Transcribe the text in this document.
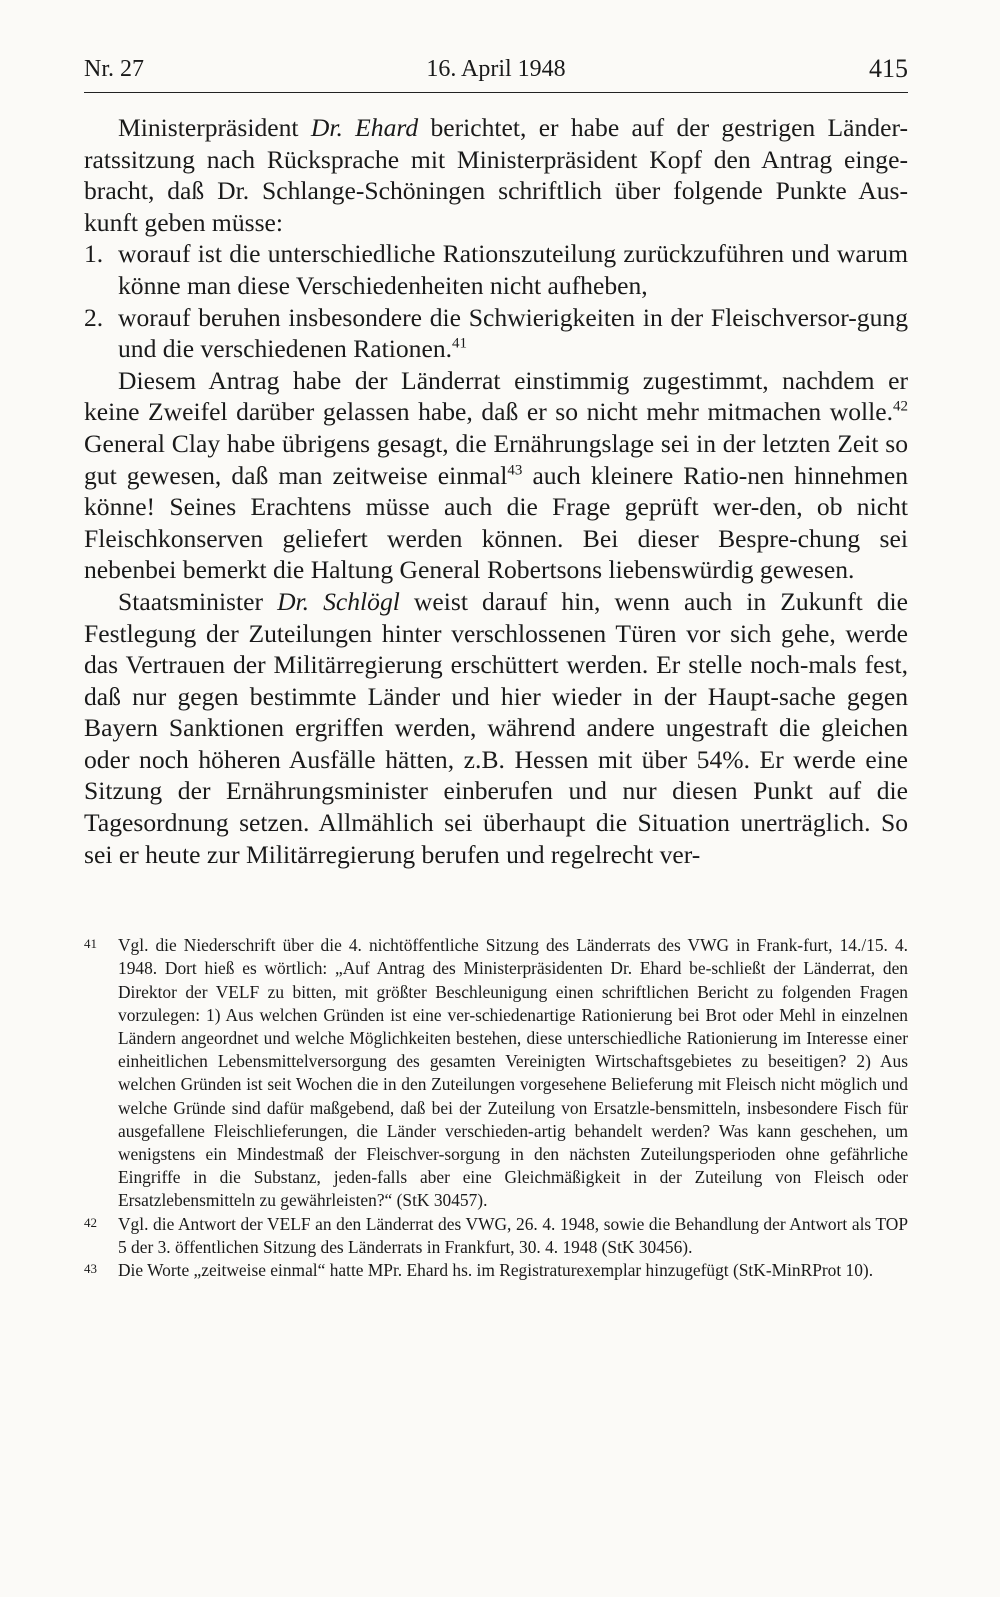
Nr. 27	16. April 1948	415

Ministerpräsident Dr. Ehard berichtet, er habe auf der gestrigen Länder-ratssitzung nach Rücksprache mit Ministerpräsident Kopf den Antrag einge-bracht, daß Dr. Schlange-Schöningen schriftlich über folgende Punkte Aus-kunft geben müsse:

1. worauf ist die unterschiedliche Rationszuteilung zurückzuführen und warum könne man diese Verschiedenheiten nicht aufheben,

2. worauf beruhen insbesondere die Schwierigkeiten in der Fleischversor-gung und die verschiedenen Rationen.$^{41}$

Diesem Antrag habe der Länderrat einstimmig zugestimmt, nachdem er keine Zweifel darüber gelassen habe, daß er so nicht mehr mitmachen wolle.$^{42}$ General Clay habe übrigens gesagt, die Ernährungslage sei in der letzten Zeit so gut gewesen, daß man zeitweise einmal$^{43}$ auch kleinere Ratio-nen hinnehmen könne! Seines Erachtens müsse auch die Frage geprüft wer-den, ob nicht Fleischkonserven geliefert werden können. Bei dieser Bespre-chung sei nebenbei bemerkt die Haltung General Robertsons liebenswürdig gewesen.

Staatsminister Dr. Schlögl weist darauf hin, wenn auch in Zukunft die Festlegung der Zuteilungen hinter verschlossenen Türen vor sich gehe, werde das Vertrauen der Militärregierung erschüttert werden. Er stelle noch-mals fest, daß nur gegen bestimmte Länder und hier wieder in der Haupt-sache gegen Bayern Sanktionen ergriffen werden, während andere ungestraft die gleichen oder noch höheren Ausfälle hätten, z.B. Hessen mit über 54%. Er werde eine Sitzung der Ernährungsminister einberufen und nur diesen Punkt auf die Tagesordnung setzen. Allmählich sei überhaupt die Situation unerträglich. So sei er heute zur Militärregierung berufen und regelrecht ver-

41 Vgl. die Niederschrift über die 4. nichtöffentliche Sitzung des Länderrats des VWG in Frank-furt, 14./15. 4. 1948. Dort hieß es wörtlich: „Auf Antrag des Ministerpräsidenten Dr. Ehard be-schließt der Länderrat, den Direktor der VELF zu bitten, mit größter Beschleunigung einen schriftlichen Bericht zu folgenden Fragen vorzulegen: 1) Aus welchen Gründen ist eine ver-schiedenartige Rationierung bei Brot oder Mehl in einzelnen Ländern angeordnet und welche Möglichkeiten bestehen, diese unterschiedliche Rationierung im Interesse einer einheitlichen Lebensmittelversorgung des gesamten Vereinigten Wirtschaftsgebietes zu beseitigen? 2) Aus welchen Gründen ist seit Wochen die in den Zuteilungen vorgesehene Belieferung mit Fleisch nicht möglich und welche Gründe sind dafür maßgebend, daß bei der Zuteilung von Ersatzle-bensmitteln, insbesondere Fisch für ausgefallene Fleischlieferungen, die Länder verschieden-artig behandelt werden? Was kann geschehen, um wenigstens ein Mindestmaß der Fleischver-sorgung in den nächsten Zuteilungsperioden ohne gefährliche Eingriffe in die Substanz, jeden-falls aber eine Gleichmäßigkeit in der Zuteilung von Fleisch oder Ersatzlebensmitteln zu gewährleisten?“ (StK 30457).

42 Vgl. die Antwort der VELF an den Länderrat des VWG, 26. 4. 1948, sowie die Behandlung der Antwort als TOP 5 der 3. öffentlichen Sitzung des Länderrats in Frankfurt, 30. 4. 1948 (StK 30456).

43 Die Worte „zeitweise einmal“ hatte MPr. Ehard hs. im Registraturexemplar hinzugefügt (StK-MinRProt 10).
